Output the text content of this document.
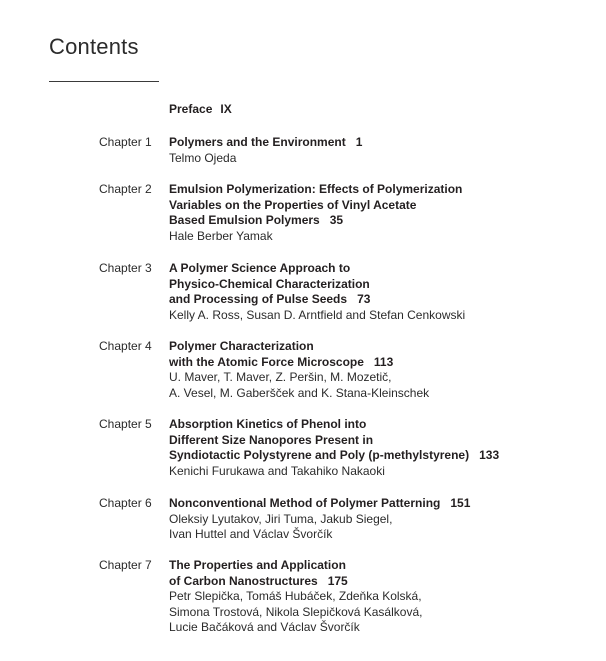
Contents
Preface IX
Chapter 1 Polymers and the Environment 1
Telmo Ojeda
Chapter 2 Emulsion Polymerization: Effects of Polymerization
Variables on the Properties of Vinyl Acetate
Based Emulsion Polymers 35
Hale Berber Yamak
Chapter 3 A Polymer Science Approach to
Physico-Chemical Characterization
and Processing of Pulse Seeds 73
Kelly A. Ross, Susan D. Arntfield and Stefan Cenkowski
Chapter 4 Polymer Characterization
with the Atomic Force Microscope 113
U. Maver, T. Maver, Z. Peršin, M. Mozetič,
A. Vesel, M. Gaberšček and K. Stana-Kleinschek
Chapter 5 Absorption Kinetics of Phenol into
Different Size Nanopores Present in
Syndiotactic Polystyrene and Poly (p-methylstyrene) 133
Kenichi Furukawa and Takahiko Nakaoki
Chapter 6 Nonconventional Method of Polymer Patterning 151
Oleksiy Lyutakov, Jiri Tuma, Jakub Siegel,
Ivan Huttel and Václav Švorčík
Chapter 7 The Properties and Application
of Carbon Nanostructures 175
Petr Slepička, Tomáš Hubáček, Zdeňka Kolská,
Simona Trostová, Nikola Slepičková Kasálková,
Lucie Bačáková and Václav Švorčík
